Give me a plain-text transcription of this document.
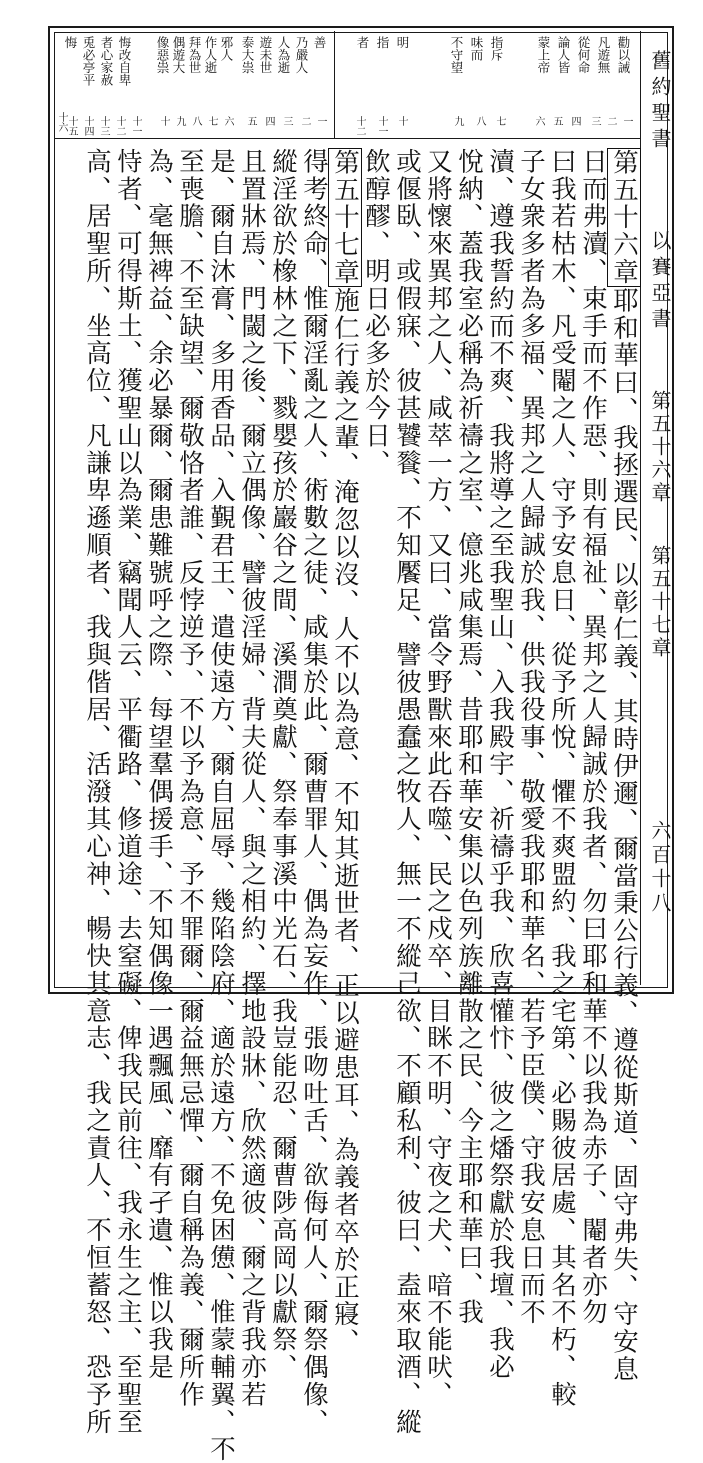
舊約聖書
以賽亞書
第五十六章
第五十七章
六百十八
勸以誡
凡遊無
從何命
論人皆
蒙上帝
一
二
三
四
五
六
指斥
味而
不守望
七
八
九
明
指
者
十
十一
十二
善
乃嚴人
人為逝
遊未世
泰大祟
一
二
三
四
五
邪人
作人逝
拜為世
偶遊大
像惡祟
六
七
八
九
十
悔改自卑
者心家赦
兎必亭平
悔
十一
十二
十三
十四
十五
十六
第五十六章耶和華曰、我拯選民、以彰仁義、其時伊邇、爾當秉公行義、遵從斯道、固守弗失、守安息
日而弗瀆、束手而不作惡、則有福祉、異邦之人歸誠於我者、勿曰耶和華不以我為赤子、閹者亦勿
曰我若枯木、凡受閹之人、守予安息日、從予所悅、懼不爽盟約、我之宅第、必賜彼居處、其名不朽、較
子女衆多者為多福、異邦之人歸誠於我、供我役事、敬愛我耶和華名、若予臣僕、守我安息日而不
瀆、遵我誓約而不爽、我將導之至我聖山、入我殿宇、祈禱乎我、欣喜懽忭、彼之燔祭獻於我壇、我必
悅納、蓋我室必稱為祈禱之室、億兆咸集焉、昔耶和華安集以色列族離散之民、今主耶和華曰、我
又將懷來異邦之人、咸萃一方、又曰、當令野獸來此吞噬、民之戍卒、目眯不明、守夜之犬、喑不能吠、
或偃臥、或假寐、彼甚饕餮、不知饜足、譬彼愚蠢之牧人、無一不縱己欲、不顧私利、彼曰、盍來取酒、縱
飲醇醪、明日必多於今日、
第五十七章施仁行義之輩、淹忽以沒、人不以為意、不知其逝世者、正以避患耳、為義者卒於正寢、
得考終命、惟爾淫亂之人、術數之徒、咸集於此、爾曹罪人、偶為妄作、張吻吐舌、欲侮何人、爾祭偶像、
縱淫欲於橡林之下、戮嬰孩於巖谷之間、溪澗奠獻、祭奉事溪中光石、我豈能忍、爾曹陟高岡以獻祭、
且置牀焉、門閾之後、爾立偶像、譬彼淫婦、背夫從人、與之相約、擇地設牀、欣然適彼、爾之背我亦若
是、爾自沐膏、多用香品、入覲君王、遣使遠方、爾自屈辱、幾陷陰府、適於遠方、不免困憊、惟蒙輔翼、不
至喪膽、不至缺望、爾敬恪者誰、反悖逆予、不以予為意、予不罪爾、爾益無忌憚、爾自稱為義、爾所作
為、毫無裨益、余必暴爾、爾患難號呼之際、每望羣偶援手、不知偶像一遇飄風、靡有孑遺、惟以我是
恃者、可得斯土、獲聖山以為業、竊聞人云、平衢路、修道途、去窒礙、俾我民前往、我永生之主、至聖至
高、居聖所、坐高位、凡謙卑遜順者、我與偕居、活潑其心神、暢快其意志、我之責人、不恒蓄怒、恐予所
